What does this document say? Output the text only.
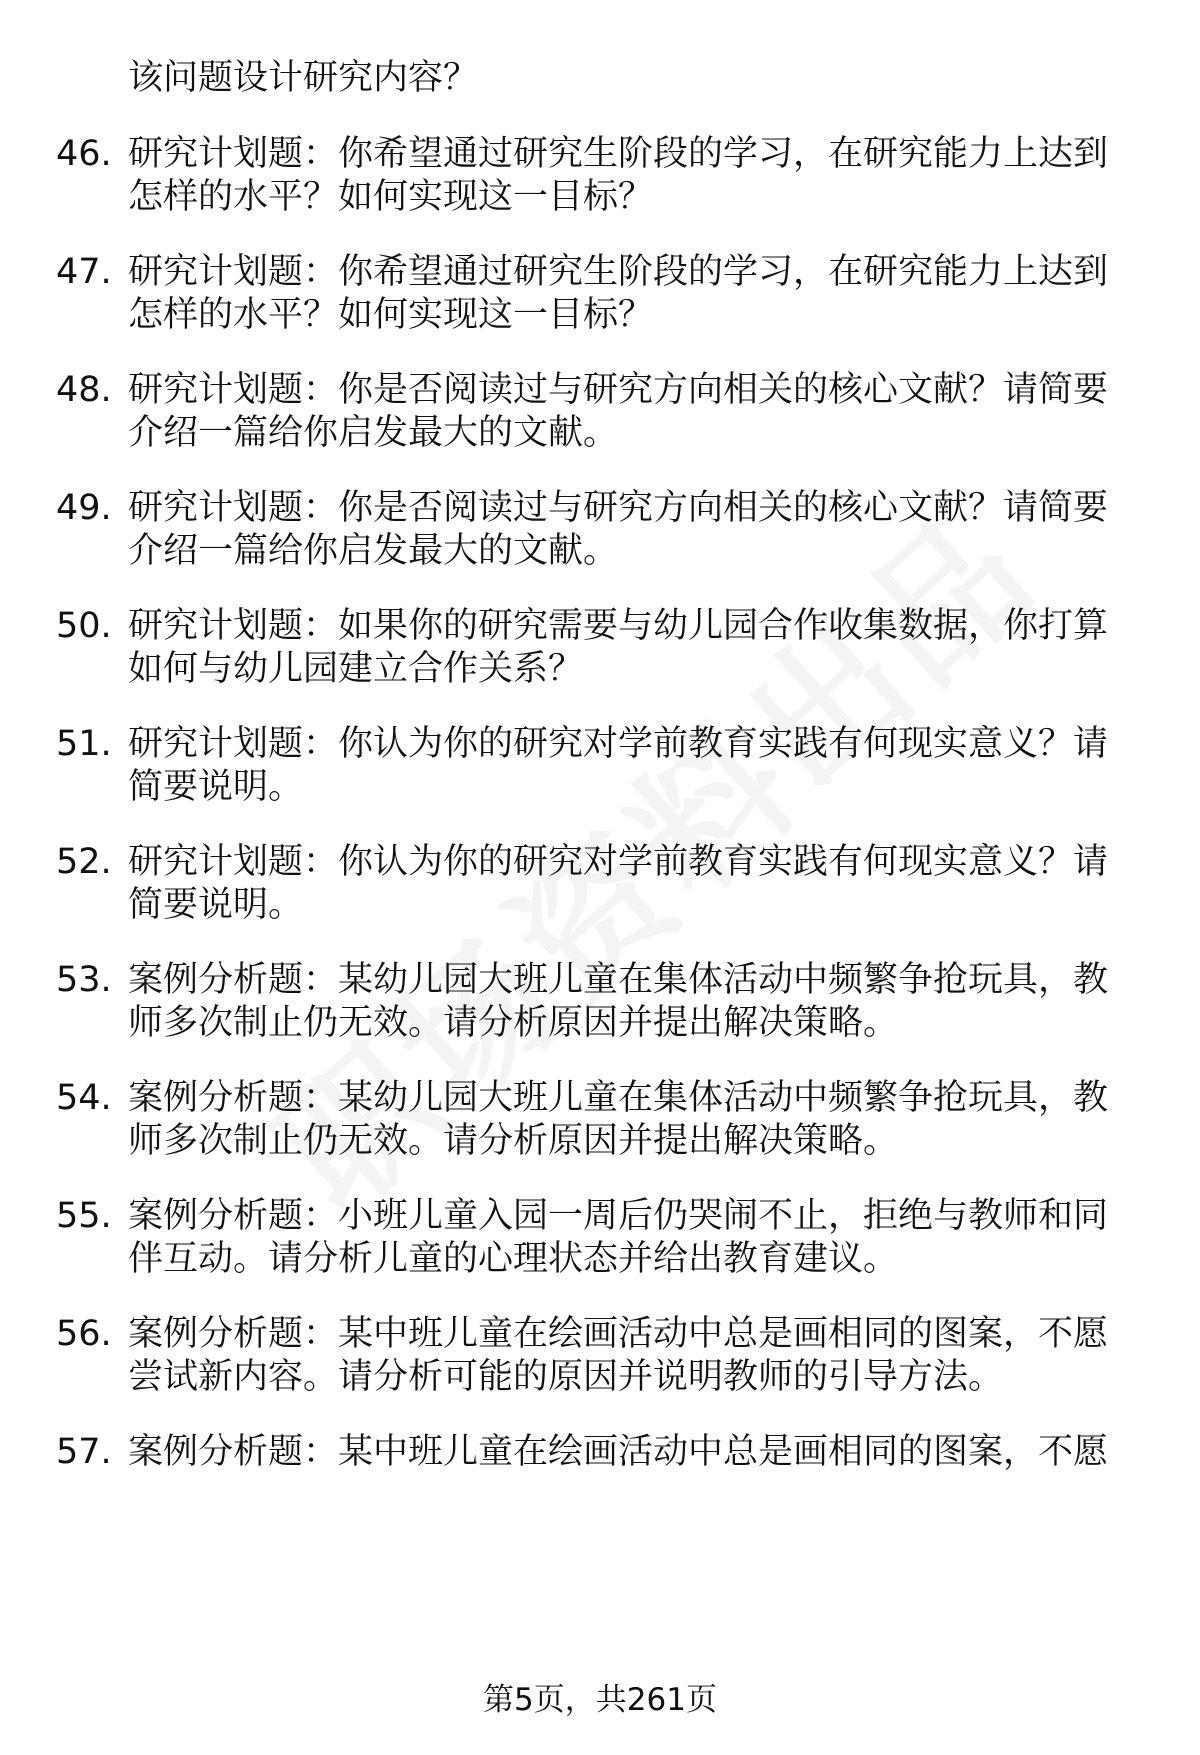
该问题设计研究内容？
46. 研究计划题：你希望通过研究生阶段的学习，在研究能力上达到
怎样的水平？如何实现这一目标？
47. 研究计划题：你希望通过研究生阶段的学习，在研究能力上达到
怎样的水平？如何实现这一目标？
48. 研究计划题：你是否阅读过与研究方向相关的核心文献？请简要
介绍一篇给你启发最大的文献。
49. 研究计划题：你是否阅读过与研究方向相关的核心文献？请简要
介绍一篇给你启发最大的文献。
50. 研究计划题：如果你的研究需要与幼儿园合作收集数据，你打算
如何与幼儿园建立合作关系？
51. 研究计划题：你认为你的研究对学前教育实践有何现实意义？请
简要说明。
52. 研究计划题：你认为你的研究对学前教育实践有何现实意义？请
简要说明。
53. 案例分析题：某幼儿园大班儿童在集体活动中频繁争抢玩具，教
师多次制止仍无效。请分析原因并提出解决策略。
54. 案例分析题：某幼儿园大班儿童在集体活动中频繁争抢玩具，教
师多次制止仍无效。请分析原因并提出解决策略。
55. 案例分析题：小班儿童入园一周后仍哭闹不止，拒绝与教师和同
伴互动。请分析儿童的心理状态并给出教育建议。
56. 案例分析题：某中班儿童在绘画活动中总是画相同的图案，不愿
尝试新内容。请分析可能的原因并说明教师的引导方法。
57. 案例分析题：某中班儿童在绘画活动中总是画相同的图案，不愿
第5页，共261页
